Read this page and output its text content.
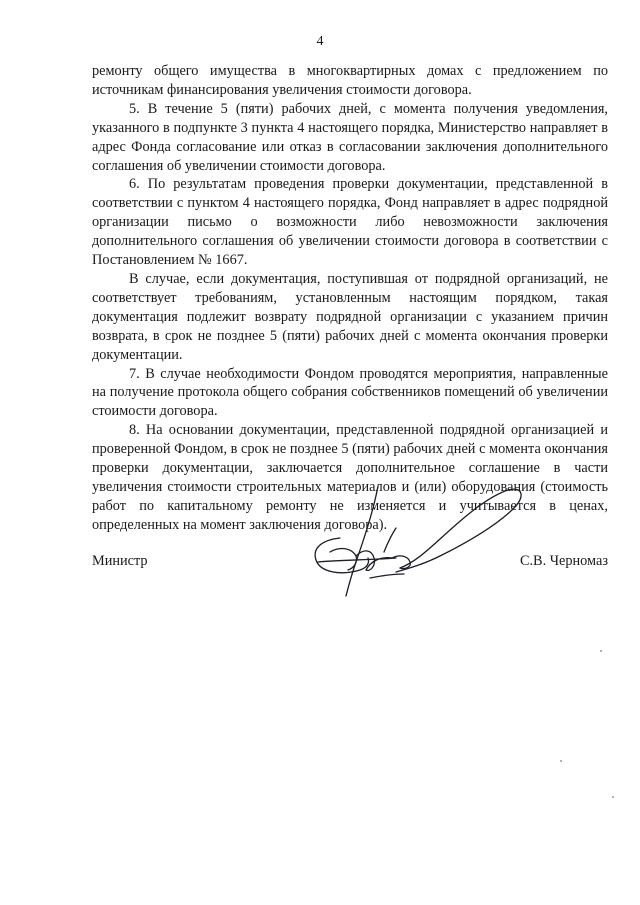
4

ремонту общего имущества в многоквартирных домах с предложением по источникам финансирования увеличения стоимости договора.

5. В течение 5 (пяти) рабочих дней, с момента получения уведомления, указанного в подпункте 3 пункта 4 настоящего порядка, Министерство направляет в адрес Фонда согласование или отказ в согласовании заключения дополнительного соглашения об увеличении стоимости договора.

6. По результатам проведения проверки документации, представленной в соответствии с пунктом 4 настоящего порядка, Фонд направляет в адрес подрядной организации письмо о возможности либо невозможности заключения дополнительного соглашения об увеличении стоимости договора в соответствии с Постановлением № 1667.

В случае, если документация, поступившая от подрядной организаций, не соответствует требованиям, установленным настоящим порядком, такая документация подлежит возврату подрядной организации с указанием причин возврата, в срок не позднее 5 (пяти) рабочих дней с момента окончания проверки документации.

7. В случае необходимости Фондом проводятся мероприятия, направленные на получение протокола общего собрания собственников помещений об увеличении стоимости договора.

8. На основании документации, представленной подрядной организацией и проверенной Фондом, в срок не позднее 5 (пяти) рабочих дней с момента окончания проверки документации, заключается дополнительное соглашение в части увеличения стоимости строительных материалов и (или) оборудования (стоимость работ по капитальному ремонту не изменяется и учитывается в ценах, определенных на момент заключения договора).

Министр	С.В. Черномаз
